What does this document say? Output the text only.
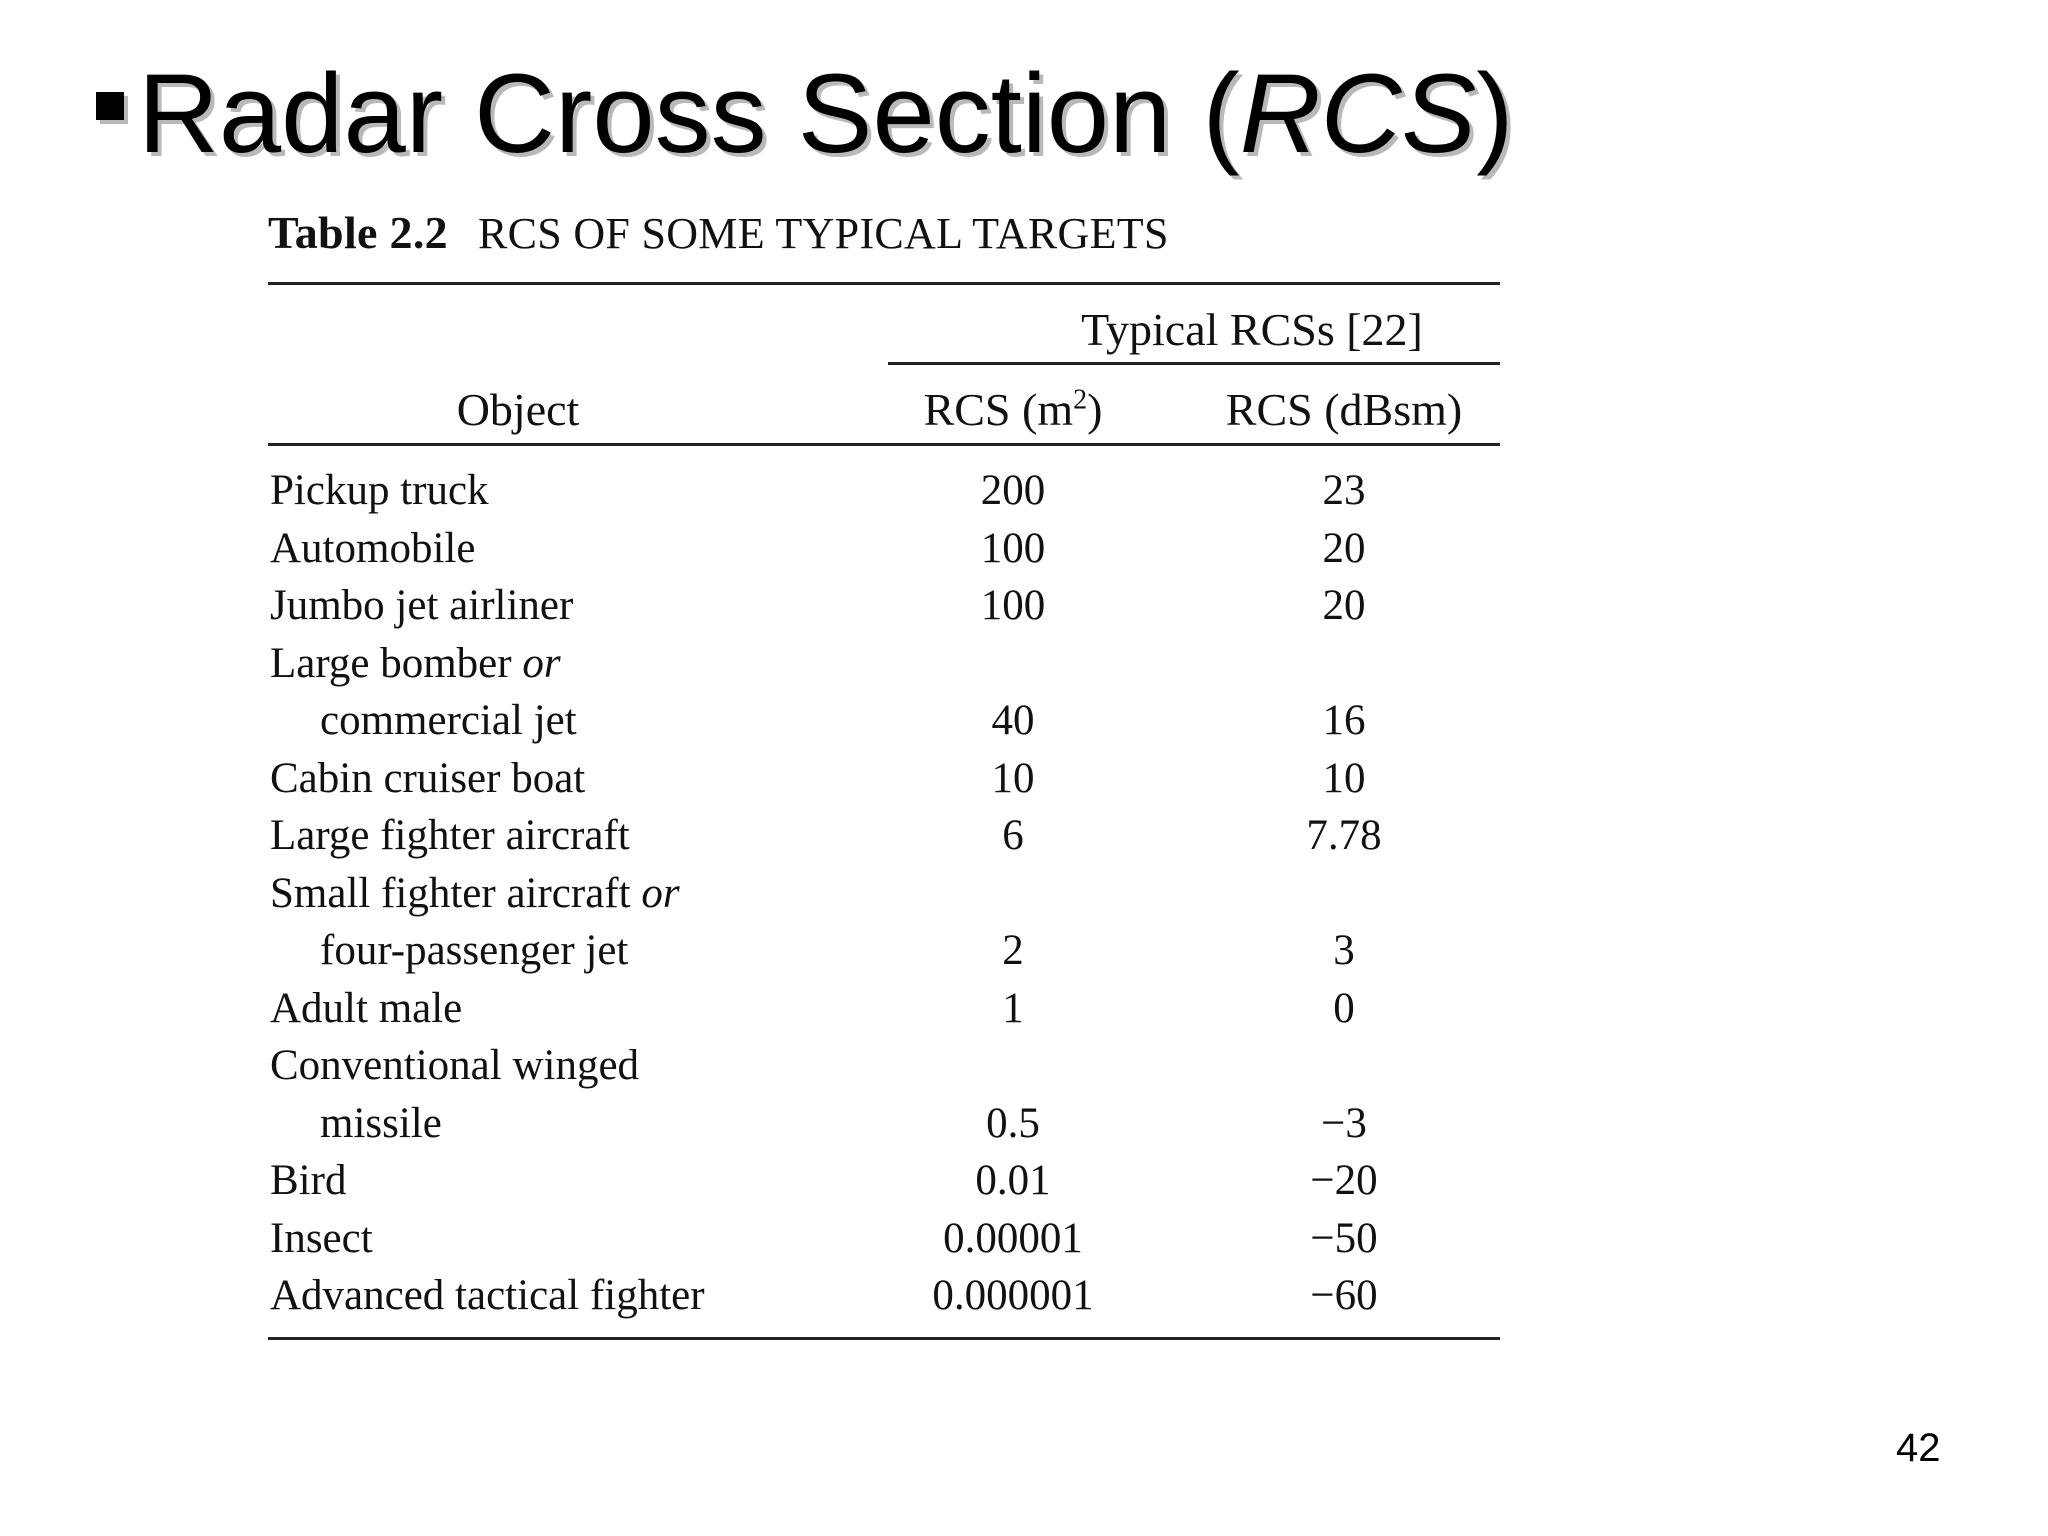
Radar Cross Section (RCS)
Table 2.2 RCS OF SOME TYPICAL TARGETS
Typical RCSs [22]
Object	RCS $(m^2)$	RCS (dBsm)
Pickup truck	200	23
Automobile	100	20
Jumbo jet airliner	100	20
Large bomber or
commercial jet	40	16
Cabin cruiser boat	10	10
Large fighter aircraft	6	7.78
Small fighter aircraft or
four-passenger jet	2	3
Adult male	1	0
Conventional winged
missile	0.5	−3
Bird	0.01	−20
Insect	0.00001	−50
Advanced tactical fighter	0.000001	−60
42
